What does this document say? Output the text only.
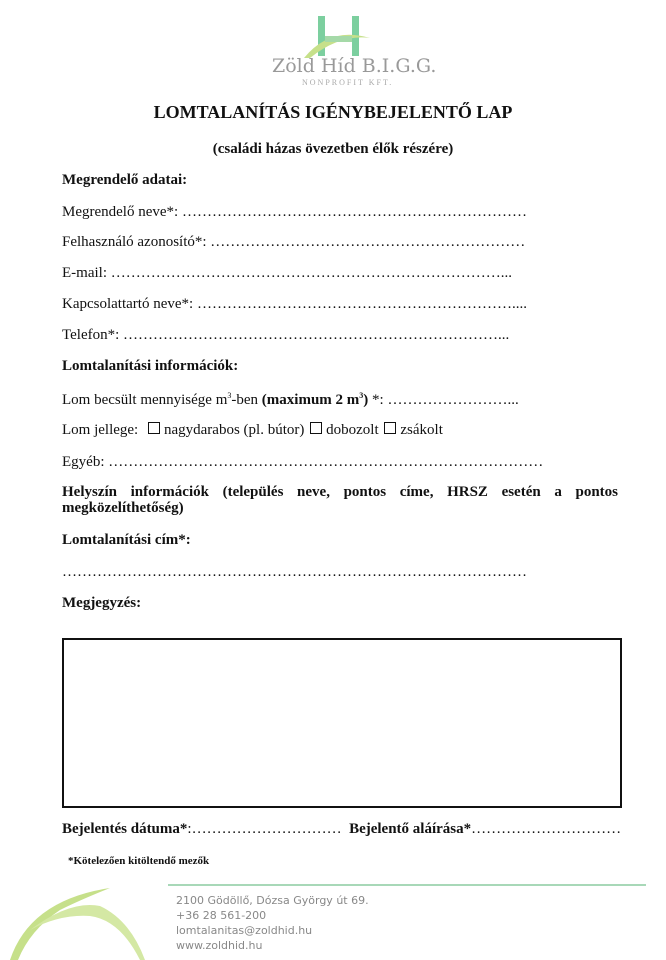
Zöld Híd B.I.G.G.
NONPROFIT KFT.
LOMTALANÍTÁS IGÉNYBEJELENTŐ LAP
(családi házas övezetben élők részére)
Megrendelő adatai:
Megrendelő neve*: ……………………………………………………………
Felhasználó azonosító*: ………………………………………………………
E-mail: ……………………………………………………………………...
Kapcsolattartó neve*: ………………………………………………………....
Telefon*: …………………………………………………………………...
Lomtalanítási információk:
Lom becsült mennyisége $m^3$-ben (maximum 2 $m^3$) *: ……………………...
Lom jellege: nagydarabos (pl. bútor) dobozolt zsákolt
Egyéb: ……………………………………………………………………………
Helyszín információk (település neve, pontos címe, HRSZ esetén a pontos megközelíthetőség)
Lomtalanítási cím*:
…………………………………………………………………………………
Megjegyzés:
Bejelentés dátuma*:………………………… Bejelentő aláírása*…………………………
*Kötelezően kitöltendő mezők
2100 Gödöllő, Dózsa György út 69.
+36 28 561-200
lomtalanitas@zoldhid.hu
www.zoldhid.hu
